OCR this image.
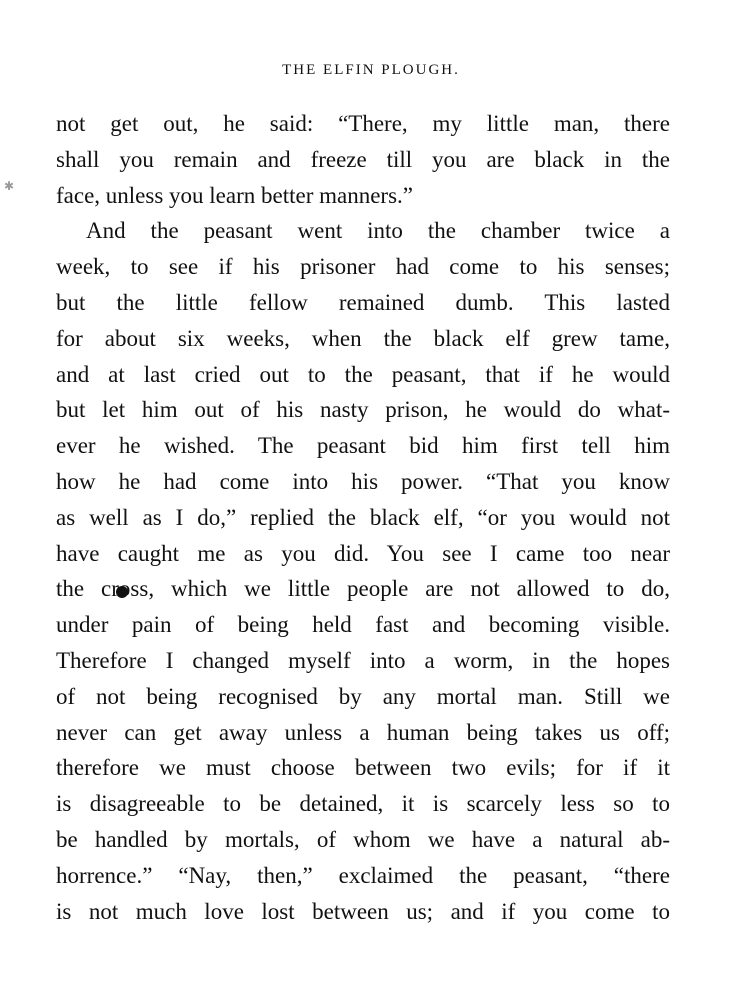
THE ELFIN PLOUGH.
✱
not get out, he said: “There, my little man, there
shall you remain and freeze till you are black in the
face, unless you learn better manners.”
And the peasant went into the chamber twice a
week, to see if his prisoner had come to his senses;
but the little fellow remained dumb. This lasted
for about six weeks, when the black elf grew tame,
and at last cried out to the peasant, that if he would
but let him out of his nasty prison, he would do what-
ever he wished. The peasant bid him first tell him
how he had come into his power. “That you know
as well as I do,” replied the black elf, “or you would not
have caught me as you did. You see I came too near
the cross, which we little people are not allowed to do,
under pain of being held fast and becoming visible.
Therefore I changed myself into a worm, in the hopes
of not being recognised by any mortal man. Still we
never can get away unless a human being takes us off;
therefore we must choose between two evils; for if it
is disagreeable to be detained, it is scarcely less so to
be handled by mortals, of whom we have a natural ab-
horrence.” “Nay, then,” exclaimed the peasant, “there
is not much love lost between us; and if you come to
